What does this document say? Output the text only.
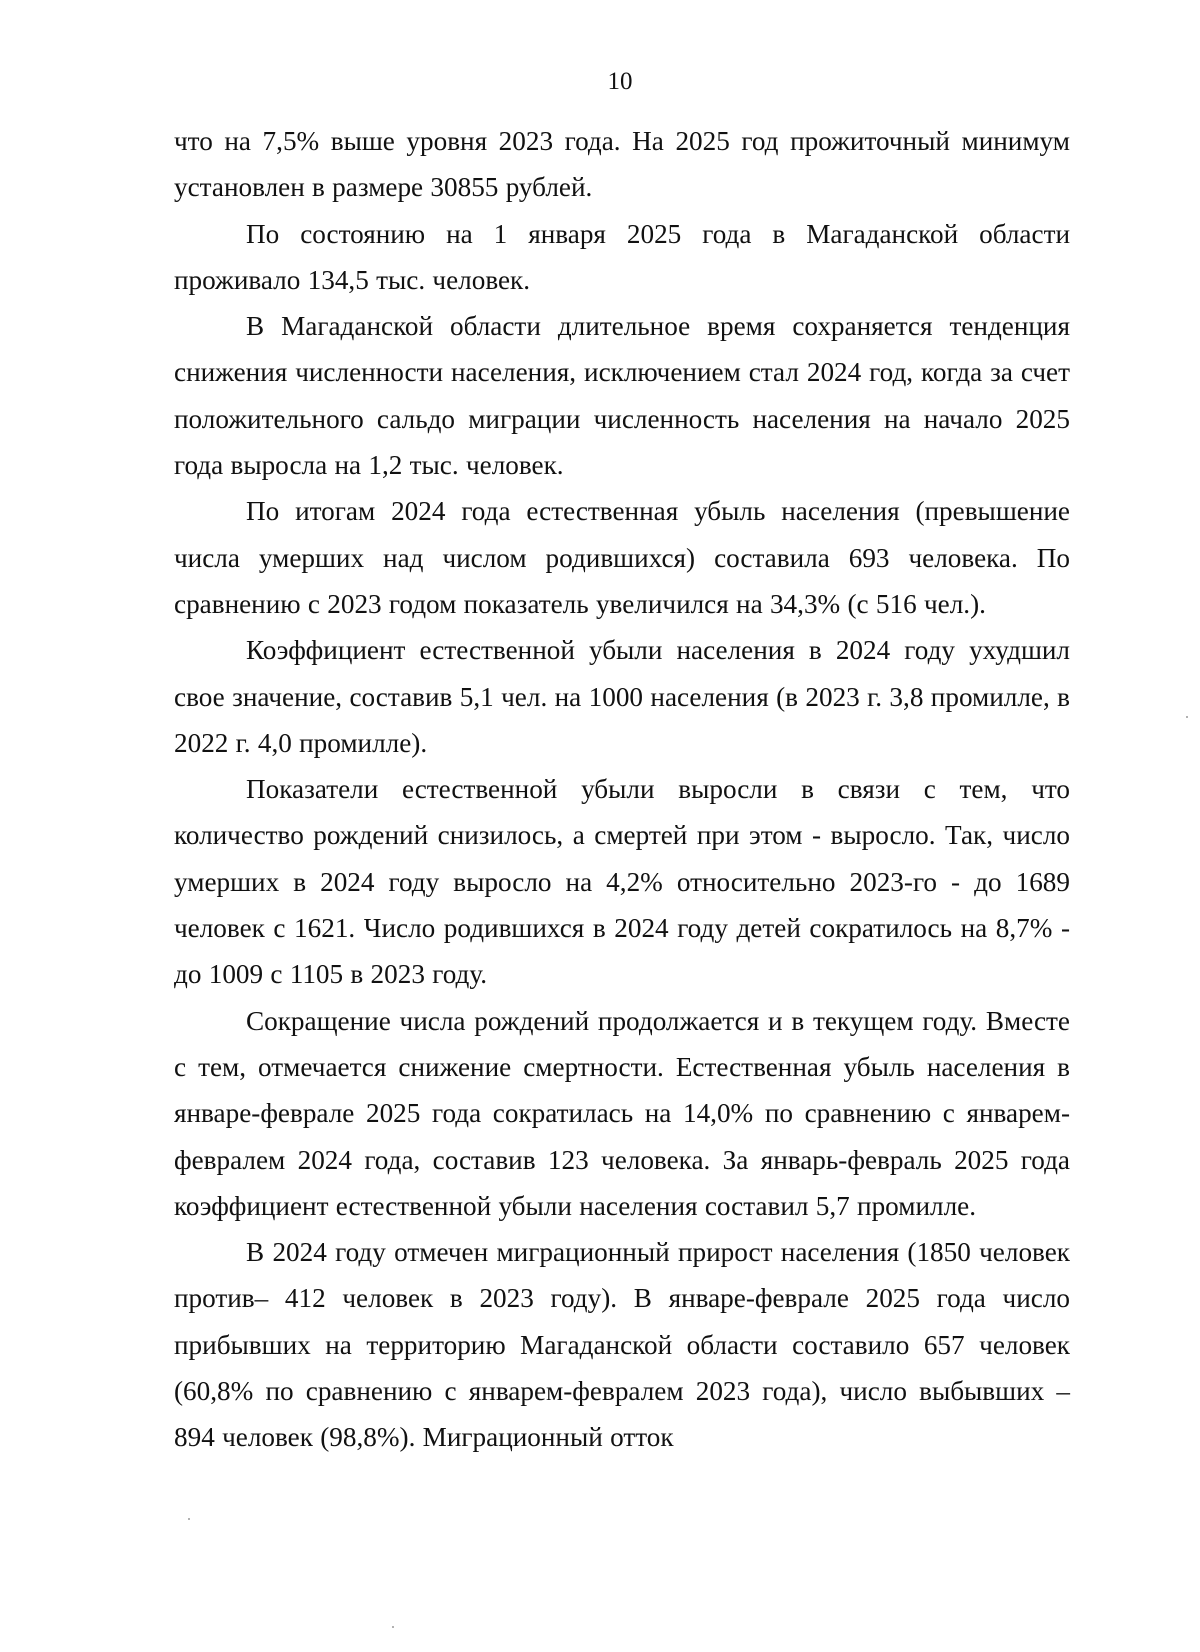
10

что на 7,5% выше уровня 2023 года. На 2025 год прожиточный минимум установлен в размере 30855 рублей.

По состоянию на 1 января 2025 года в Магаданской области проживало 134,5 тыс. человек.

В Магаданской области длительное время сохраняется тенденция снижения численности населения, исключением стал 2024 год, когда за счет положительного сальдо миграции численность населения на начало 2025 года выросла на 1,2 тыс. человек.

По итогам 2024 года естественная убыль населения (превышение числа умерших над числом родившихся) составила 693 человека. По сравнению с 2023 годом показатель увеличился на 34,3% (с 516 чел.).

Коэффициент естественной убыли населения в 2024 году ухудшил свое значение, составив 5,1 чел. на 1000 населения (в 2023 г. 3,8 промилле, в 2022 г. 4,0 промилле).

Показатели естественной убыли выросли в связи с тем, что количество рождений снизилось, а смертей при этом - выросло. Так, число умерших в 2024 году выросло на 4,2% относительно 2023-го - до 1689 человек с 1621. Число родившихся в 2024 году детей сократилось на 8,7% - до 1009 с 1105 в 2023 году.

Сокращение числа рождений продолжается и в текущем году. Вместе с тем, отмечается снижение смертности. Естественная убыль населения в январе-феврале 2025 года сократилась на 14,0% по сравнению с январем-февралем 2024 года, составив 123 человека. За январь-февраль 2025 года коэффициент естественной убыли населения составил 5,7 промилле.

В 2024 году отмечен миграционный прирост населения (1850 человек против– 412 человек в 2023 году). В январе-феврале 2025 года число прибывших на территорию Магаданской области составило 657 человек (60,8% по сравнению с январем-февралем 2023 года), число выбывших – 894 человек (98,8%). Миграционный отток
